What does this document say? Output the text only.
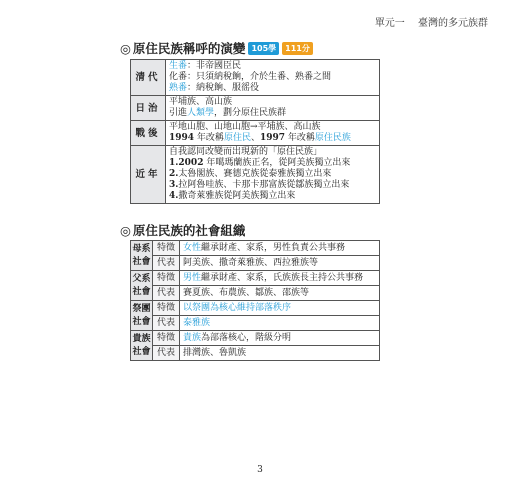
單元一 臺灣的多元族群
◎ 原住民族稱呼的演變 105學	111分
清代	生番：非帝國臣民
化番：只須納稅餉，介於生番、熟番之間
熟番：納稅餉、服徭役

日治	平埔族、高山族
引進人類學，劃分原住民族群

戰後	平地山胞、山地山胞→平埔族、高山族
1994 年改稱原住民、1997 年改稱原住民族

近年	自我認同改變而出現新的「原住民族」
1.2002 年噶瑪蘭族正名，從阿美族獨立出來
2.太魯閣族、賽德克族從泰雅族獨立出來
3.拉阿魯哇族、卡那卡那富族從鄒族獨立出來
4.撒奇萊雅族從阿美族獨立出來
◎ 原住民族的社會組織
母系社會	特徵	女性繼承財產、家系，男性負責公共事務
	代表	阿美族、撒奇萊雅族、西拉雅族等
父系社會	特徵	男性繼承財產、家系，氏族族長主持公共事務
	代表	賽夏族、布農族、鄒族、邵族等
祭團社會	特徵	以祭團為核心維持部落秩序
	代表	泰雅族
貴族社會	特徵	貴族為部落核心，階級分明
	代表	排灣族、魯凱族
3
